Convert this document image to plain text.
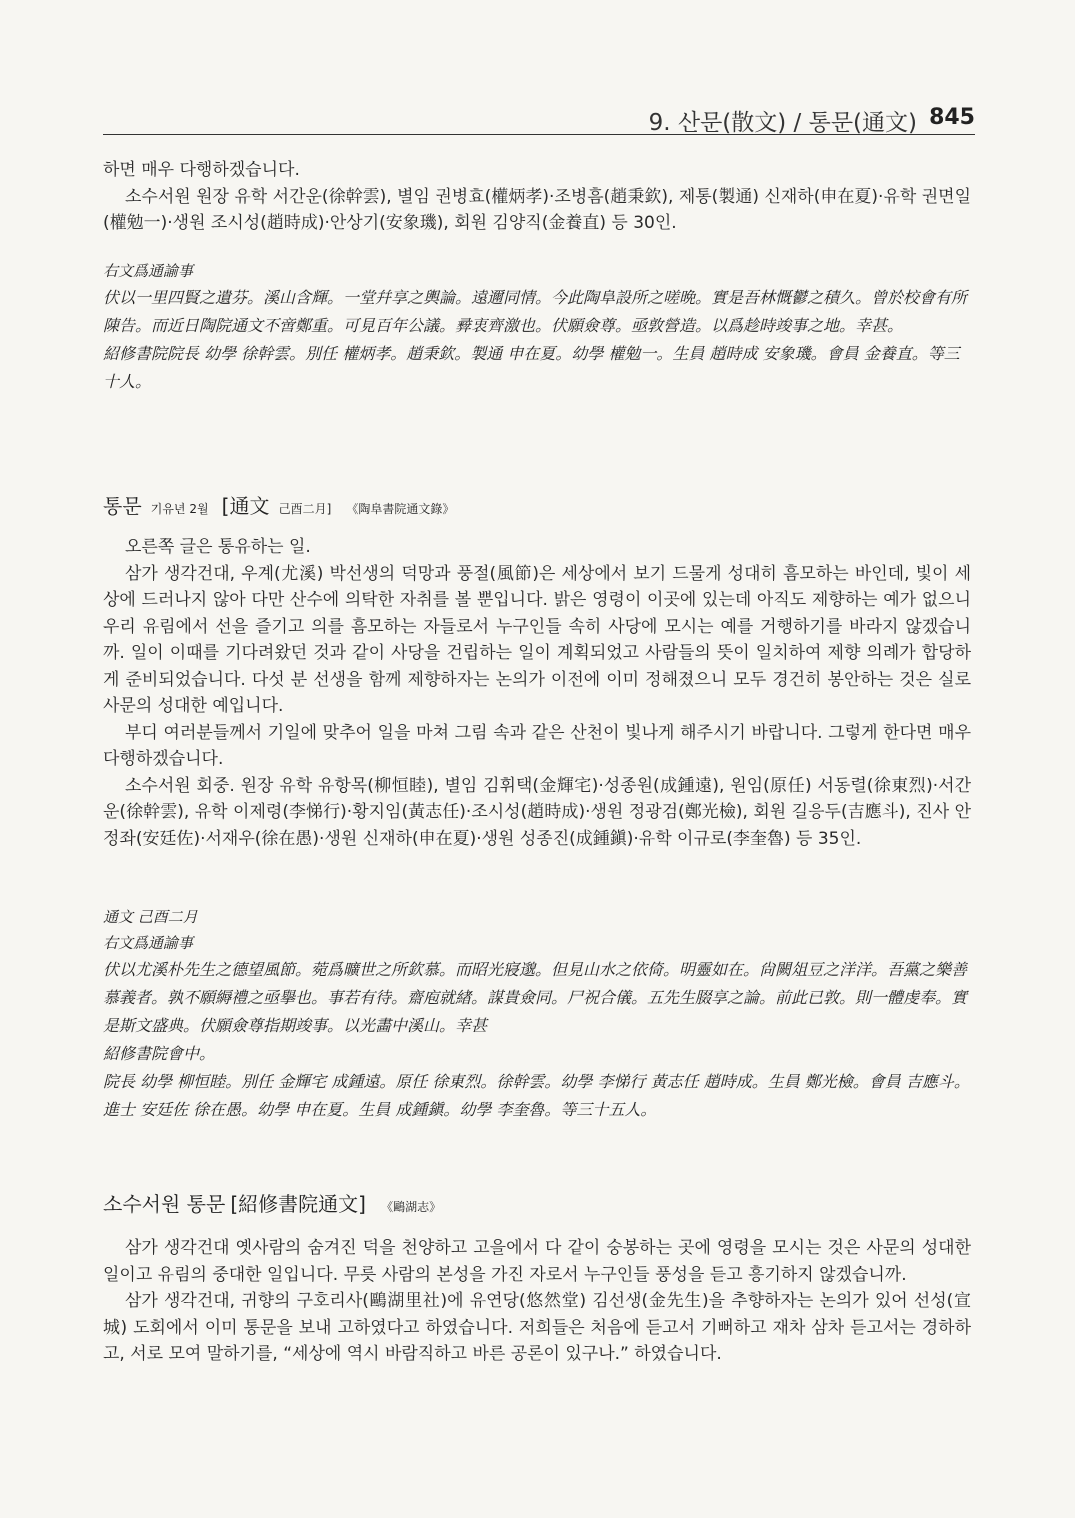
9. 산문(散文) / 통문(通文) 845

하면 매우 다행하겠습니다.

소수서원 원장 유학 서간운(徐幹雲), 별임 권병효(權炳孝)·조병흠(趙秉欽), 제통(製通) 신재하(申在夏)·유학 권면일(權勉一)·생원 조시성(趙時成)·안상기(安象璣), 회원 김양직(金養直) 등 30인.

右文爲通諭事

伏以一里四賢之遺芬。溪山含輝。一堂幷享之輿論。遠邇同情。今此陶阜設所之嗟晩。實是吾林慨鬱之積久。曾於校會有所陳告。而近日陶院通文不啻鄭重。可見百年公議。彛衷齊激也。伏願僉尊。亟敦營造。以爲趁時竣事之地。幸甚。

紹修書院院長 幼學 徐幹雲。別任 權炳孝。趙秉欽。製通 申在夏。幼學 權勉一。生員 趙時成 安象璣。會員 金養直。等三十人。

통문 기유년 2월 [通文 己酉二月] 《陶阜書院通文錄》

오른쪽 글은 통유하는 일.

삼가 생각건대, 우계(尤溪) 박선생의 덕망과 풍절(風節)은 세상에서 보기 드물게 성대히 흠모하는 바인데, 빛이 세상에 드러나지 않아 다만 산수에 의탁한 자취를 볼 뿐입니다. 밝은 영령이 이곳에 있는데 아직도 제향하는 예가 없으니 우리 유림에서 선을 즐기고 의를 흠모하는 자들로서 누구인들 속히 사당에 모시는 예를 거행하기를 바라지 않겠습니까. 일이 이때를 기다려왔던 것과 같이 사당을 건립하는 일이 계획되었고 사람들의 뜻이 일치하여 제향 의례가 합당하게 준비되었습니다. 다섯 분 선생을 함께 제향하자는 논의가 이전에 이미 정해졌으니 모두 경건히 봉안하는 것은 실로 사문의 성대한 예입니다.

부디 여러분들께서 기일에 맞추어 일을 마쳐 그림 속과 같은 산천이 빛나게 해주시기 바랍니다. 그렇게 한다면 매우 다행하겠습니다.

소수서원 회중. 원장 유학 유항목(柳恒睦), 별임 김휘택(金輝宅)·성종원(成鍾遠), 원임(原任) 서동렬(徐東烈)·서간운(徐幹雲), 유학 이제령(李悌行)·황지임(黃志任)·조시성(趙時成)·생원 정광검(鄭光檢), 회원 길응두(吉應斗), 진사 안정좌(安廷佐)·서재우(徐在愚)·생원 신재하(申在夏)·생원 성종진(成鍾鎭)·유학 이규로(李奎魯) 등 35인.

通文 己酉二月

右文爲通諭事

伏以尤溪朴先生之德望風節。菀爲曠世之所欽慕。而昭光寢邈。但見山水之依倚。明靈如在。尙闕俎豆之洋洋。吾黨之樂善慕義者。孰不願縟禮之亟擧也。事若有待。齋庖就緖。謀貴僉同。尸祝合儀。五先生腏享之論。前此已敦。則一體虔奉。實是斯文盛典。伏願僉尊指期竣事。以光畵中溪山。幸甚

紹修書院會中。

院長 幼學 柳恒睦。別任 金輝宅 成鍾遠。原任 徐東烈。徐幹雲。幼學 李悌行 黃志任 趙時成。生員 鄭光檢。會員 吉應斗。進士 安廷佐 徐在愚。幼學 申在夏。生員 成鍾鎭。幼學 李奎魯。等三十五人。

소수서원 통문 [紹修書院通文] 《鷗湖志》

삼가 생각건대 옛사람의 숨겨진 덕을 천양하고 고을에서 다 같이 숭봉하는 곳에 영령을 모시는 것은 사문의 성대한 일이고 유림의 중대한 일입니다. 무릇 사람의 본성을 가진 자로서 누구인들 풍성을 듣고 흥기하지 않겠습니까.

삼가 생각건대, 귀향의 구호리사(鷗湖里社)에 유연당(悠然堂) 김선생(金先生)을 추향하자는 논의가 있어 선성(宣城) 도회에서 이미 통문을 보내 고하였다고 하였습니다. 저희들은 처음에 듣고서 기뻐하고 재차 삼차 듣고서는 경하하고, 서로 모여 말하기를, “세상에 역시 바람직하고 바른 공론이 있구나.” 하였습니다.
